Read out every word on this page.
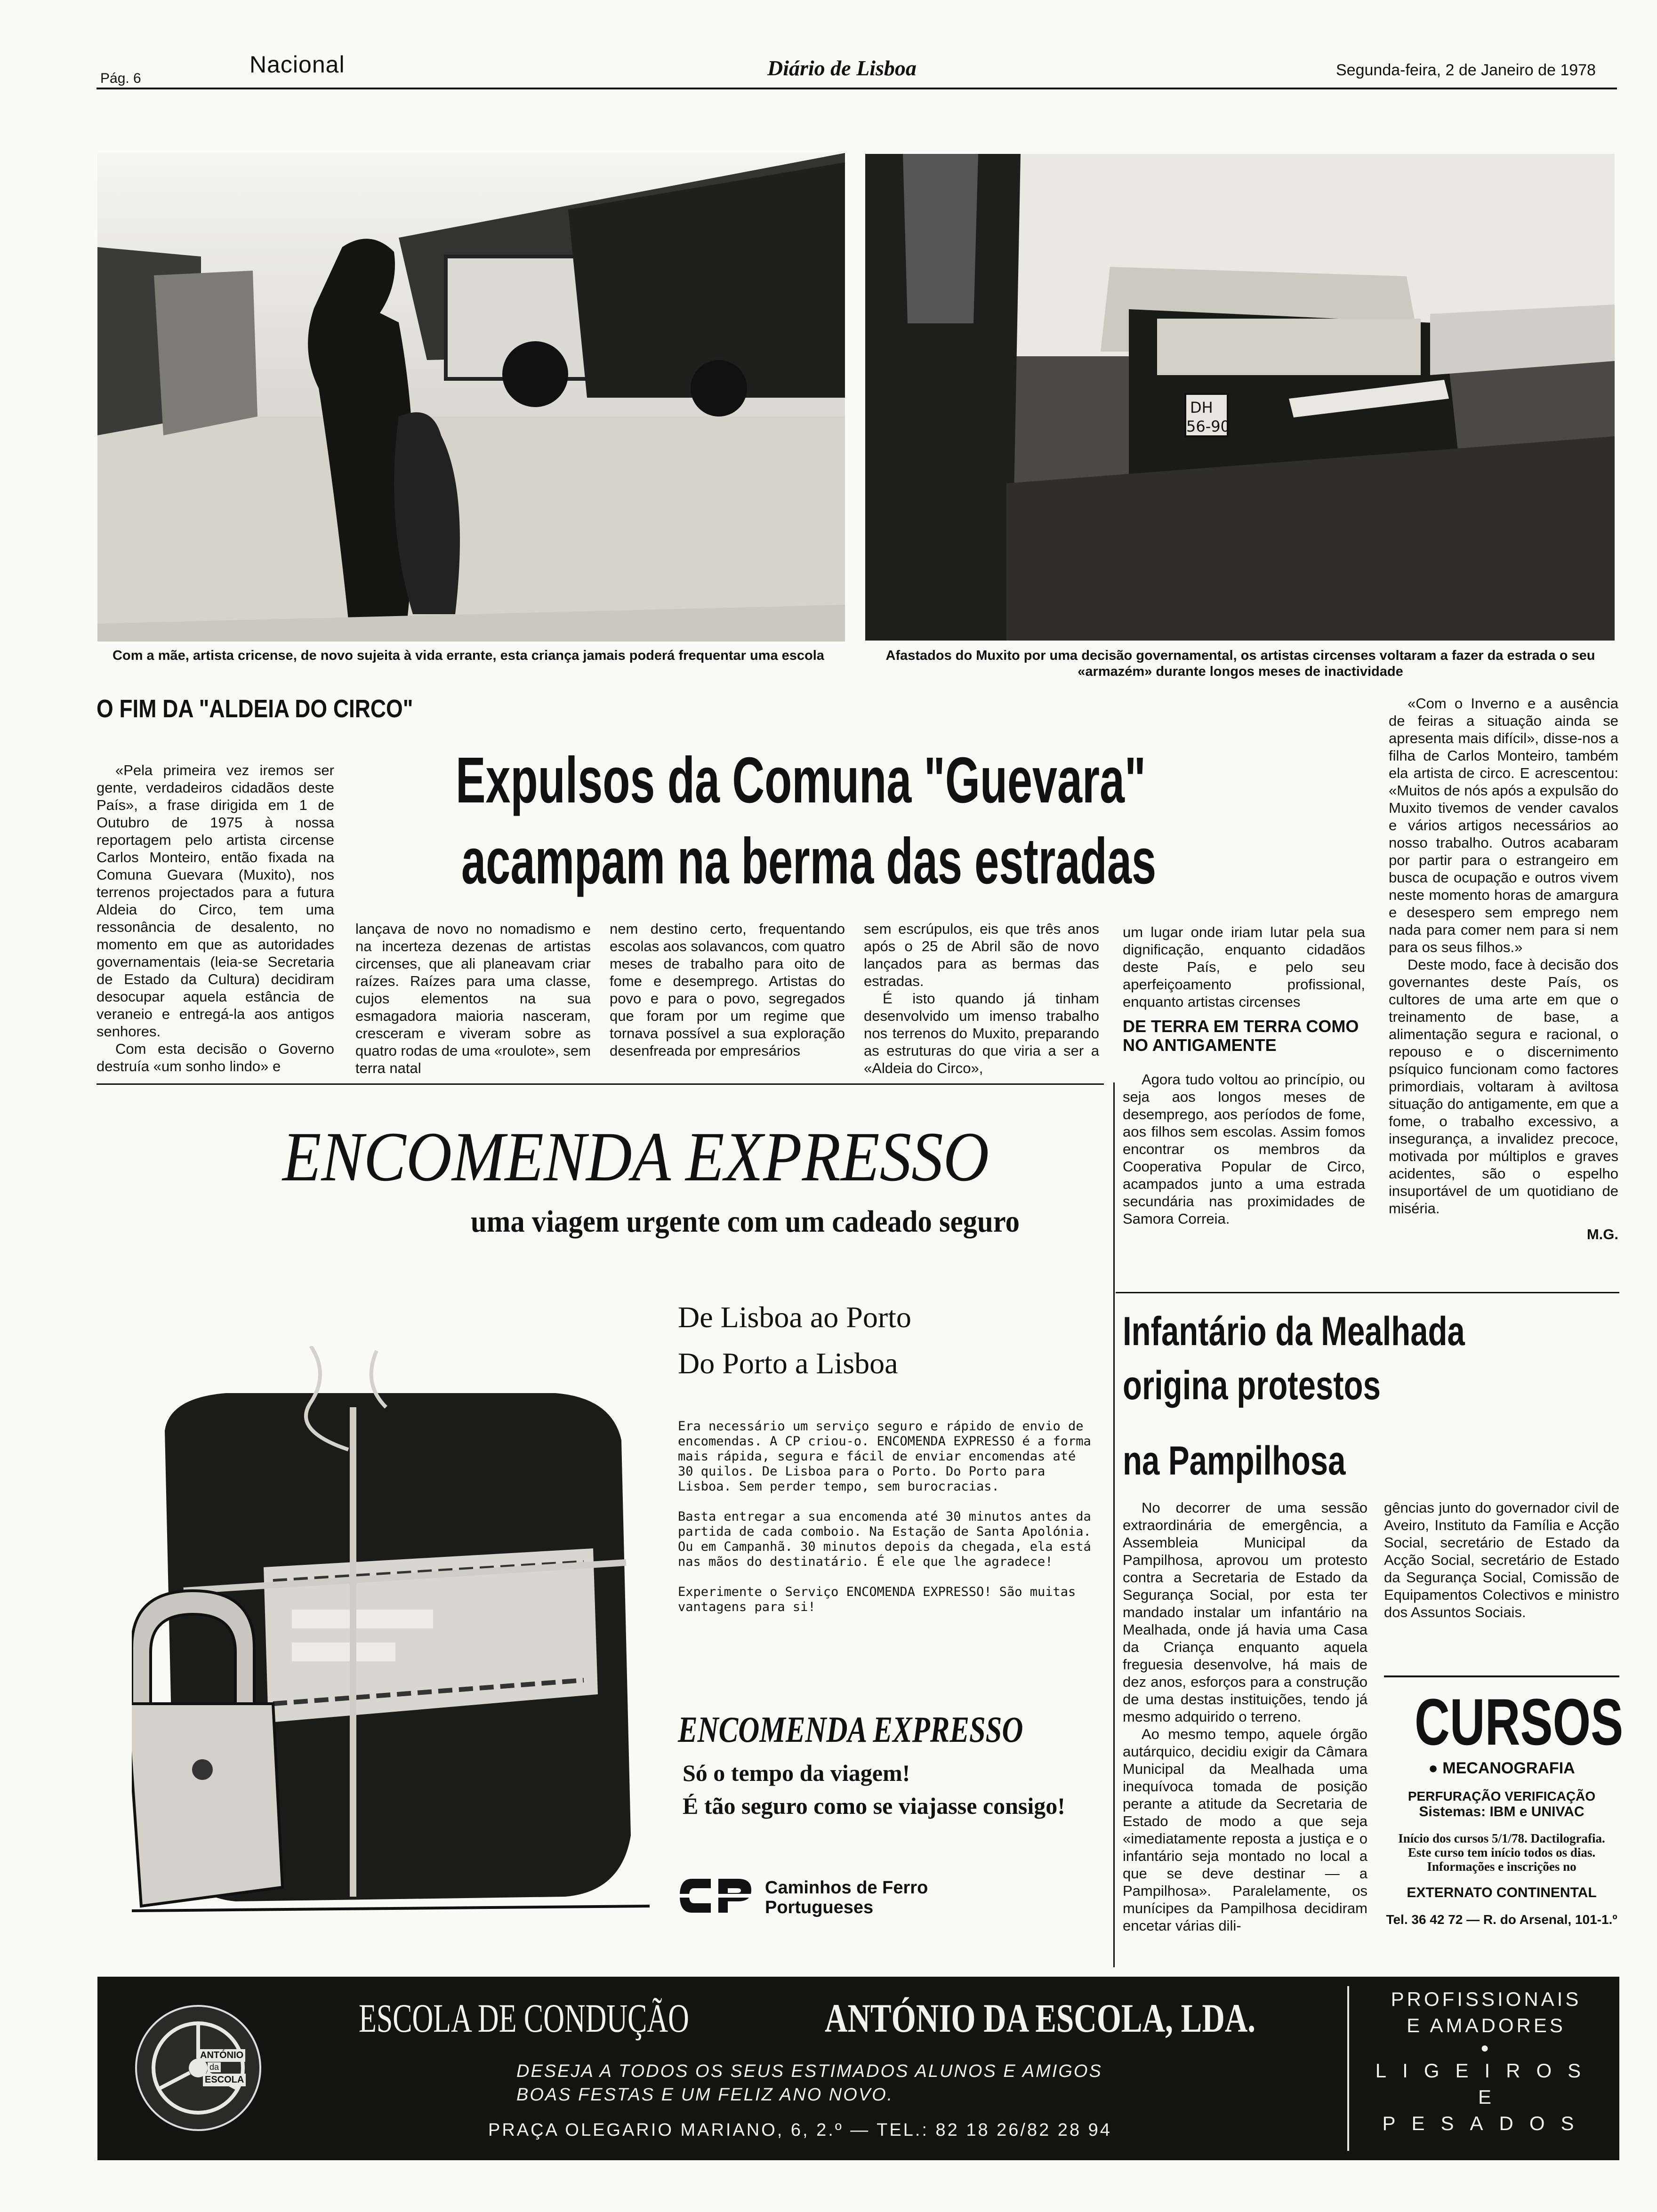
Pág. 6
Nacional	Diário de Lisboa	Segunda-feira, 2 de Janeiro de 1978
DH
56-90
Com a mãe, artista cricense, de novo sujeita à vida errante, esta criança jamais poderá frequentar uma escola	Afastados do Muxito por uma decisão governamental, os artistas circenses voltaram a fazer da estrada o seu «armazém» durante longos meses de inactividade
O FIM DA "ALDEIA DO CIRCO"
Expulsos da Comuna "Guevara"
acampam na berma das estradas

«Pela primeira vez iremos ser gente, verdadeiros cidadãos deste País», a frase dirigida em 1 de Outubro de 1975 à nossa reportagem pelo artista circense Carlos Monteiro, então fixada na Comuna Guevara (Muxito), nos terrenos projectados para a futura Aldeia do Circo, tem uma ressonância de desalento, no momento em que as autoridades governamentais (leia-se Secretaria de Estado da Cultura) decidiram desocupar aquela estância de veraneio e entregá-la aos antigos senhores.

Com esta decisão o Governo destruía «um sonho lindo» e

lançava de novo no nomadismo e na incerteza dezenas de artistas circenses, que ali planeavam criar raízes. Raízes para uma classe, cujos elementos na sua esmagadora maioria nasceram, cresceram e viveram sobre as quatro rodas de uma «roulote», sem terra natal

nem destino certo, frequentando escolas aos solavancos, com quatro meses de trabalho para oito de fome e desemprego. Artistas do povo e para o povo, segregados que foram por um regime que tornava possível a sua exploração desenfreada por empresários

sem escrúpulos, eis que três anos após o 25 de Abril são de novo lançados para as bermas das estradas.

É isto quando já tinham desenvolvido um imenso trabalho nos terrenos do Muxito, preparando as estruturas do que viria a ser a «Aldeia do Circo»,

um lugar onde iriam lutar pela sua dignificação, enquanto cidadãos deste País, e pelo seu aperfeiçoamento profissional, enquanto artistas circenses

DE TERRA EM TERRA COMO NO ANTIGAMENTE

Agora tudo voltou ao princípio, ou seja aos longos meses de desemprego, aos períodos de fome, aos filhos sem escolas. Assim fomos encontrar os membros da Cooperativa Popular de Circo, acampados junto a uma estrada secundária nas proximidades de Samora Correia.

«Com o Inverno e a ausência de feiras a situação ainda se apresenta mais difícil», disse-nos a filha de Carlos Monteiro, também ela artista de circo. E acrescentou: «Muitos de nós após a expulsão do Muxito tivemos de vender cavalos e vários artigos necessários ao nosso trabalho. Outros acabaram por partir para o estrangeiro em busca de ocupação e outros vivem neste momento horas de amargura e desespero sem emprego nem nada para comer nem para si nem para os seus filhos.»

Deste modo, face à decisão dos governantes deste País, os cultores de uma arte em que o treinamento de base, a alimentação segura e racional, o repouso e o discernimento psíquico funcionam como factores primordiais, voltaram à aviltosa situação do antigamente, em que a fome, o trabalho excessivo, a insegurança, a invalidez precoce, motivada por múltiplos e graves acidentes, são o espelho insuportável de um quotidiano de miséria.

M.G.
ENCOMENDA EXPRESSO
uma viagem urgente com um cadeado seguro
De Lisboa ao Porto
Do Porto a Lisboa
Era necessário um serviço seguro e rápido de envio de encomendas. A CP criou-o. ENCOMENDA EXPRESSO é a forma mais rápida, segura e fácil de enviar encomendas até 30 quilos. De Lisboa para o Porto. Do Porto para Lisboa. Sem perder tempo, sem burocracias.
Basta entregar a sua encomenda até 30 minutos antes da partida de cada comboio. Na Estação de Santa Apolónia. Ou em Campanhã. 30 minutos depois da chegada, ela está nas mãos do destinatário. É ele que lhe agradece!
Experimente o Serviço ENCOMENDA EXPRESSO! São muitas vantagens para si!
ENCOMENDA EXPRESSO
Só o tempo da viagem!
É tão seguro como se viajasse consigo!
Caminhos de Ferro
Portugueses
Infantário da Mealhada
origina protestos
na Pampilhosa

No decorrer de uma sessão extraordinária de emergência, a Assembleia Municipal da Pampilhosa, aprovou um protesto contra a Secretaria de Estado da Segurança Social, por esta ter mandado instalar um infantário na Mealhada, onde já havia uma Casa da Criança enquanto aquela freguesia desenvolve, há mais de dez anos, esforços para a construção de uma destas instituições, tendo já mesmo adquirido o terreno.

Ao mesmo tempo, aquele órgão autárquico, decidiu exigir da Câmara Municipal da Mealhada uma inequívoca tomada de posição perante a atitude da Secretaria de Estado de modo a que seja «imediatamente reposta a justiça e o infantário seja montado no local a que se deve destinar — a Pampilhosa». Paralelamente, os munícipes da Pampilhosa decidiram encetar várias dili-

gências junto do governador civil de Aveiro, Instituto da Família e Acção Social, secretário de Estado da Acção Social, secretário de Estado da Segurança Social, Comissão de Equipamentos Colectivos e ministro dos Assuntos Sociais.

CURSOS
● MECANOGRAFIA
PERFURAÇÃO VERIFICAÇÃO
Sistemas: IBM e UNIVAC
Início dos cursos 5/1/78. Dactilografia. Este curso tem início todos os dias. Informações e inscrições no
EXTERNATO CONTINENTAL
Tel. 36 42 72 — R. do Arsenal, 101-1.º
ANTÓNIO
da
ESCOLA
ESCOLA DE CONDUÇÃO	ANTÓNIO DA ESCOLA, LDA.
DESEJA A TODOS OS SEUS ESTIMADOS ALUNOS E AMIGOS
BOAS FESTAS E UM FELIZ ANO NOVO.
PRAÇA OLEGARIO MARIANO, 6, 2.º — TEL.: 82 18 26/82 28 94
PROFISSIONAIS
E AMADORES
●
LIGEIROS
E
PESADOS
